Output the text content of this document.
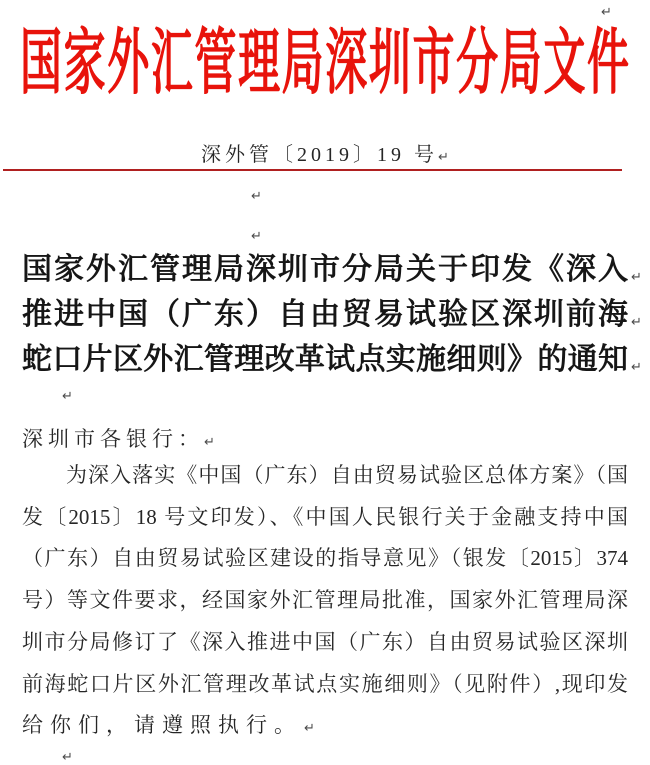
↵
国家外汇管理局深圳市分局文件
深外管〔2019〕19 号↵
↵
↵
国家外汇管理局深圳市分局关于印发《深入 ↵
推进中国（广东）自由贸易试验区深圳前海 ↵
蛇口片区外汇管理改革试点实施细则》的通知 ↵
↵
深圳市各银行：↵
为深入落实《中国（广东）自由贸易试验区总体方案》（国
发〔2015〕18 号文印发）、《中国人民银行关于金融支持中国
（广东）自由贸易试验区建设的指导意见》（银发〔2015〕374
号）等文件要求，经国家外汇管理局批准，国家外汇管理局深
圳市分局修订了《深入推进中国（广东）自由贸易试验区深圳
前海蛇口片区外汇管理改革试点实施细则》（见附件）,现印发
给你们，请遵照执行。 ↵
↵
